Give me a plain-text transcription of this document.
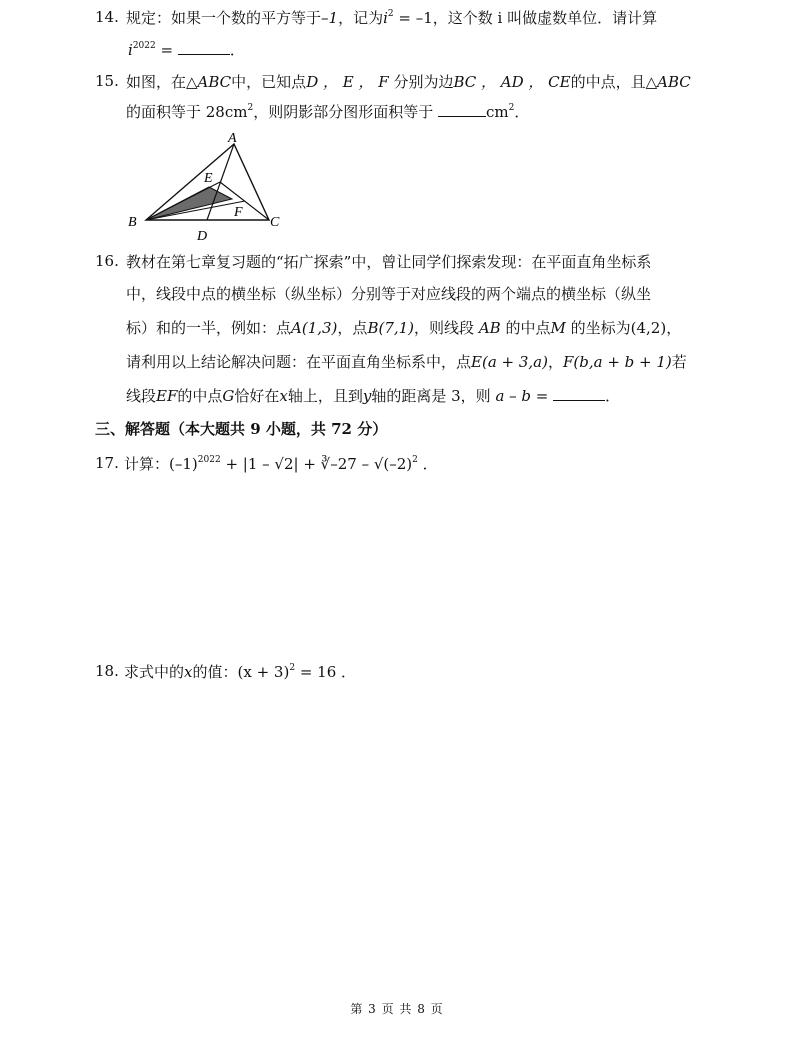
14. 规定：如果一个数的平方等于–1，记为$i^2 = -1$，这个数 i 叫做虚数单位．请计算
$i^{2022}$ =	．
15. 如图，在△ABC中，已知点D ， E ， F 分别为边BC ， AD ， CE的中点，且△ABC
的面积等于 $28cm^2$，则阴影部分图形面积等于	$cm^2$．
A
B	C
D
E
F
16. 教材在第七章复习题的“拓广探索”中，曾让同学们探索发现：在平面直角坐标系
中，线段中点的横坐标（纵坐标）分别等于对应线段的两个端点的横坐标（纵坐
标）和的一半，例如：点A(1,3)，点B(7,1)，则线段 AB 的中点M 的坐标为(4,2)，
请利用以上结论解决问题：在平面直角坐标系中，点E(a + 3,a)，F(b,a + b + 1)若
线段EF的中点G恰好在x轴上，且到y轴的距离是 3，则 a – b =	．
三、解答题（本大题共 9 小题，共 72 分）
17. 计算：$(-1)^{2022} + |1 - √2|$ + ∛–27 – $√(-2)^2$ ．
18. 求式中的x的值：$(x + 3)^2 = 16$ ．
第 3 页 共 8 页
